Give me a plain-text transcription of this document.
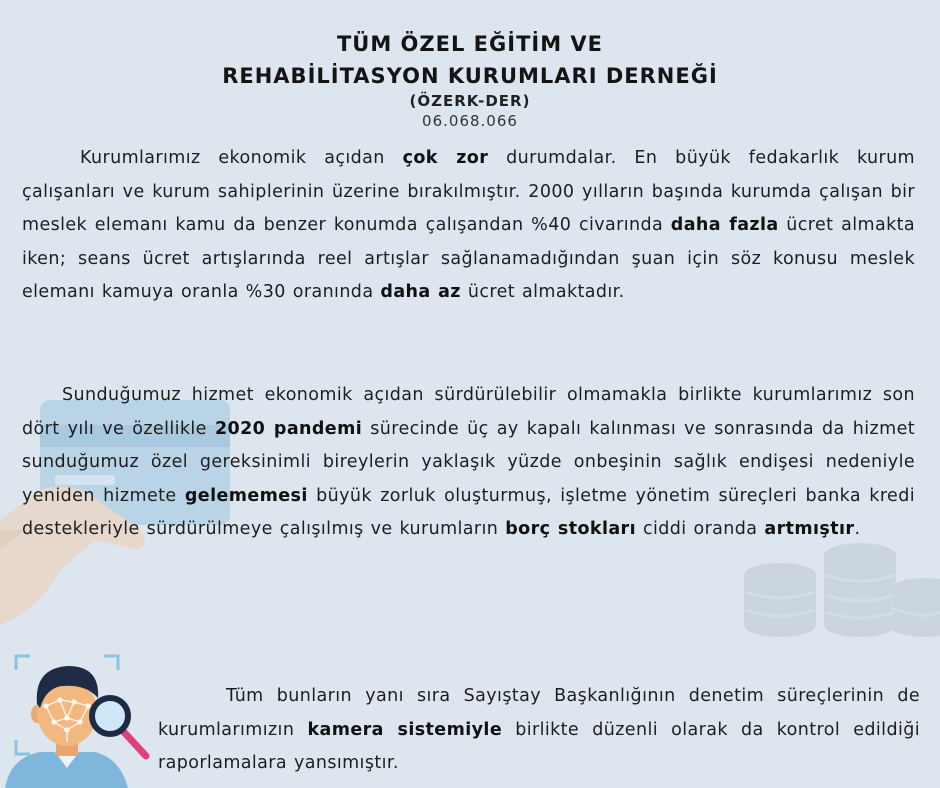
TÜM ÖZEL EĞİTİM VE
REHABİLİTASYON KURUMLARI DERNEĞİ
(ÖZERK-DER)
06.068.066

Kurumlarımız ekonomik açıdan çok zor durumdalar. En büyük fedakarlık kurum çalışanları ve kurum sahiplerinin üzerine bırakılmıştır. 2000 yılların başında kurumda çalışan bir meslek elemanı kamu da benzer konumda çalışandan %40 civarında daha fazla ücret almakta iken; seans ücret artışlarında reel artışlar sağlanamadığından şuan için söz konusu meslek elemanı kamuya oranla %30 oranında daha az ücret almaktadır.

Sunduğumuz hizmet ekonomik açıdan sürdürülebilir olmamakla birlikte kurumlarımız son dört yılı ve özellikle 2020 pandemi sürecinde üç ay kapalı kalınması ve sonrasında da hizmet sunduğumuz özel gereksinimli bireylerin yaklaşık yüzde onbeşinin sağlık endişesi nedeniyle yeniden hizmete gelememesi büyük zorluk oluşturmuş, işletme yönetim süreçleri banka kredi destekleriyle sürdürülmeye çalışılmış ve kurumların borç stokları ciddi oranda artmıştır.

Tüm bunların yanı sıra Sayıştay Başkanlığının denetim süreçlerinin de kurumlarımızın kamera sistemiyle birlikte düzenli olarak da kontrol edildiği raporlamalara yansımıştır.
